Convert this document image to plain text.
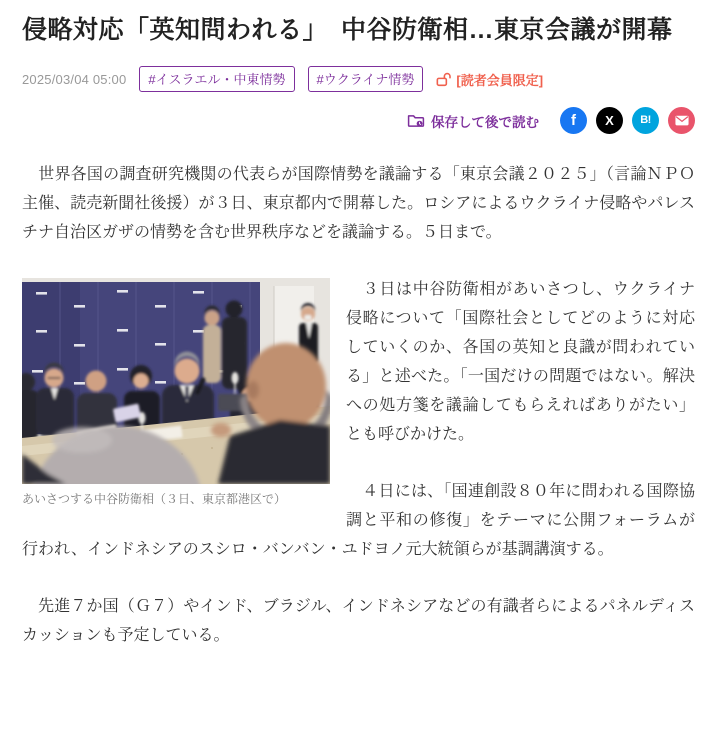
侵略対応「英知問われる」　中谷防衛相…東京会議が開幕
2025/03/04 05:00	#イスラエル・中東情勢	#ウクライナ情勢	[読者会員限定]
保存して後で読む f X B!

　世界各国の調査研究機関の代表らが国際情勢を議論する「東京会議２０２５」（言論ＮＰＯ主催、読売新聞社後援）が３日、東京都内で開幕した。ロシアによるウクライナ侵略やパレスチナ自治区ガザの情勢を含む世界秩序などを議論する。５日まで。

あいさつする中谷防衛相（３日、東京都港区で）

　３日は中谷防衛相があいさつし、ウクライナ侵略について「国際社会としてどのように対応していくのか、各国の英知と良識が問われている」と述べた。「一国だけの問題ではない。解決への処方箋を議論してもらえればありがたい」とも呼びかけた。

　４日には、「国連創設８０年に問われる国際協調と平和の修復」をテーマに公開フォーラムが行われ、インドネシアのスシロ・バンバン・ユドヨノ元大統領らが基調講演する。

　先進７か国（Ｇ７）やインド、ブラジル、インドネシアなどの有識者らによるパネルディスカッションも予定している。
